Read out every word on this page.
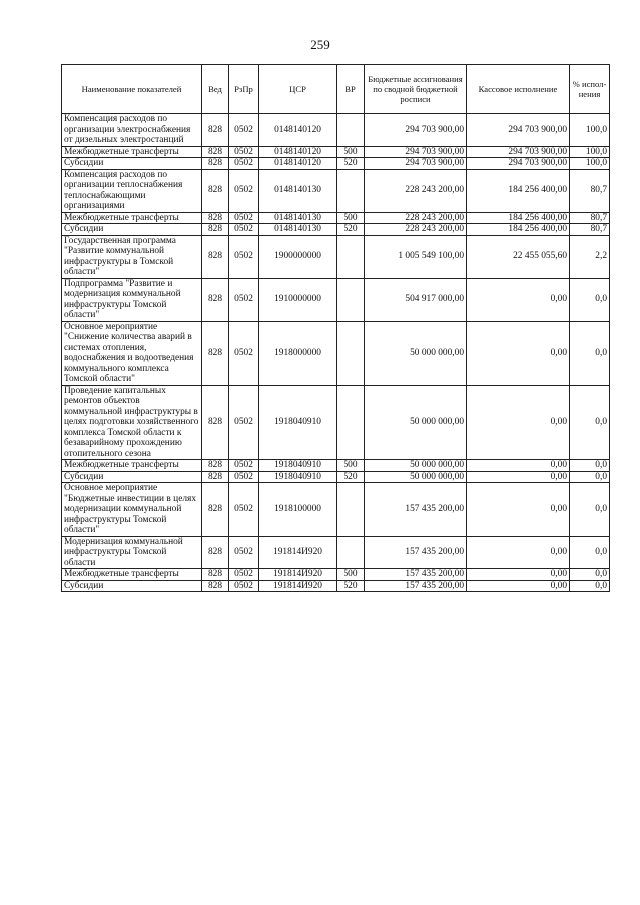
259
Наименование показателей	Вед	РзПр	ЦСР	ВР	Бюджетные ассигнования по сводной бюджетной росписи	Кассовое исполнение	% испол-нения
Компенсация расходов по организации электроснабжения от дизельных электростанций	828	0502	0148140120		294 703 900,00	294 703 900,00	100,0
Межбюджетные трансферты	828	0502	0148140120	500	294 703 900,00	294 703 900,00	100,0
Субсидии	828	0502	0148140120	520	294 703 900,00	294 703 900,00	100,0
Компенсация расходов по организации теплоснабжения теплоснабжающими организациями	828	0502	0148140130		228 243 200,00	184 256 400,00	80,7
Межбюджетные трансферты	828	0502	0148140130	500	228 243 200,00	184 256 400,00	80,7
Субсидии	828	0502	0148140130	520	228 243 200,00	184 256 400,00	80,7
Государственная программа "Развитие коммунальной инфраструктуры в Томской области"	828	0502	1900000000		1 005 549 100,00	22 455 055,60	2,2
Подпрограмма "Развитие и модернизация коммунальной инфраструктуры Томской области"	828	0502	1910000000		504 917 000,00	0,00	0,0
Основное мероприятие "Снижение количества аварий в системах отопления, водоснабжения и водоотведения коммунального комплекса Томской области"	828	0502	1918000000		50 000 000,00	0,00	0,0
Проведение капитальных ремонтов объектов коммунальной инфраструктуры в целях подготовки хозяйственного комплекса Томской области к безаварийному прохождению отопительного сезона	828	0502	1918040910		50 000 000,00	0,00	0,0
Межбюджетные трансферты	828	0502	1918040910	500	50 000 000,00	0,00	0,0
Субсидии	828	0502	1918040910	520	50 000 000,00	0,00	0,0
Основное мероприятие "Бюджетные инвестиции в целях модернизации коммунальной инфраструктуры Томской области"	828	0502	1918100000		157 435 200,00	0,00	0,0
Модернизация коммунальной инфраструктуры Томской области	828	0502	191814И920		157 435 200,00	0,00	0,0
Межбюджетные трансферты	828	0502	191814И920	500	157 435 200,00	0,00	0,0
Субсидии	828	0502	191814И920	520	157 435 200,00	0,00	0,0
